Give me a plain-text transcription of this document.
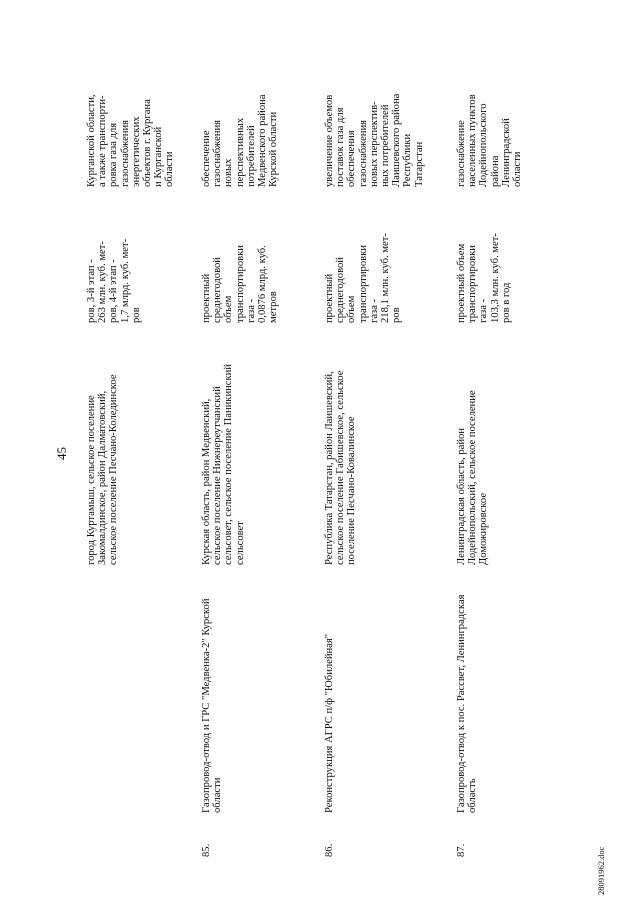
45
28091962.doc
город Куртамыш, сельское поселение Закомалдинское, район Далматовский, сельское поселение Песчано-Колединское
ров, 3-й этап - 263 млн. куб. мет- ров, 4-й этап - 1,7 млрд. куб. мет- ров
Курганской области, а также транспорти- ровка газа для газоснабжения энергетических объектов г. Кургана и Курганской области
85.
Газопровод-отвод и ГРС "Медвенка-2" Курской области
Курская область, район Медвенский, сельское поселение Нижнереутчанский сельсовет, сельское поселение Паникинский сельсовет
проектный среднегодовой объем транспортировки газа - 0,0876 млрд. куб. метров
обеспечение газоснабжения новых перспективных потребителей Медвенского района Курской области
86.
Реконструкция АГРС п/ф "Юбилейная"
Республика Татарстан, район Лаишевский, сельское поселение Габишевское, сельское поселение Песчано-Ковалинское
проектный среднегодовой объем транспортировки газа - 218,1 млн. куб. мет- ров
увеличение объемов поставок газа для обеспечения газоснабжения новых перспектив- ных потребителей Лаишевского района Республики Татарстан
87.
Газопровод-отвод к пос. Рассвет, Ленинградская область
Ленинградская область, район Лодейнопольский, сельское поселение Доможировское
проектный объем транспортировки газа - 103,3 млн. куб. мет- ров в год
газоснабжение населенных пунктов Лодейнопольского района Ленинградской области
